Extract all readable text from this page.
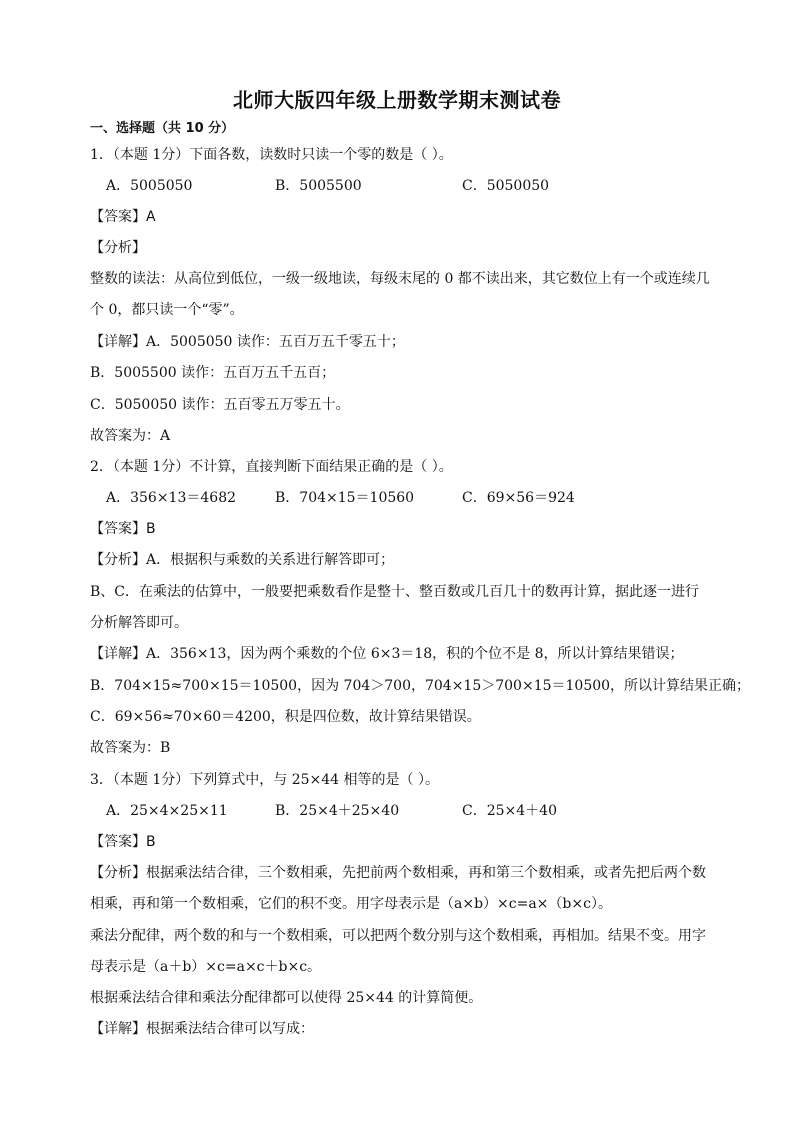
北师大版四年级上册数学期末测试卷
一、选择题（共 10 分）
1．（本题 1分）下面各数，读数时只读一个零的数是（ ）。
A．5005050	B．5005500	C．5050050
【答案】A
【分析】
整数的读法：从高位到低位，一级一级地读，每级末尾的 0 都不读出来，其它数位上有一个或连续几
个 0，都只读一个“零”。
【详解】A．5005050 读作：五百万五千零五十；
B．5005500 读作：五百万五千五百；
C．5050050 读作：五百零五万零五十。
故答案为：A
2．（本题 1分）不计算，直接判断下面结果正确的是（ ）。
A．356×13＝4682	B．704×15＝10560	C．69×56＝924
【答案】B
【分析】A．根据积与乘数的关系进行解答即可；
B、C．在乘法的估算中，一般要把乘数看作是整十、整百数或几百几十的数再计算，据此逐一进行
分析解答即可。
【详解】A．356×13，因为两个乘数的个位 6×3＝18，积的个位不是 8，所以计算结果错误；
B．704×15≈700×15＝10500，因为 704＞700，704×15＞700×15＝10500，所以计算结果正确；
C．69×56≈70×60＝4200，积是四位数，故计算结果错误。
故答案为：B
3．（本题 1分）下列算式中，与 25×44 相等的是（ ）。
A．25×4×25×11	B．25×4＋25×40	C．25×4＋40
【答案】B
【分析】根据乘法结合律，三个数相乘，先把前两个数相乘，再和第三个数相乘，或者先把后两个数
相乘，再和第一个数相乘，它们的积不变。用字母表示是（a×b）×c=a×（b×c）。
乘法分配律，两个数的和与一个数相乘，可以把两个数分别与这个数相乘，再相加。结果不变。用字
母表示是（a＋b）×c=a×c＋b×c。
根据乘法结合律和乘法分配律都可以使得 25×44 的计算简便。
【详解】根据乘法结合律可以写成：
